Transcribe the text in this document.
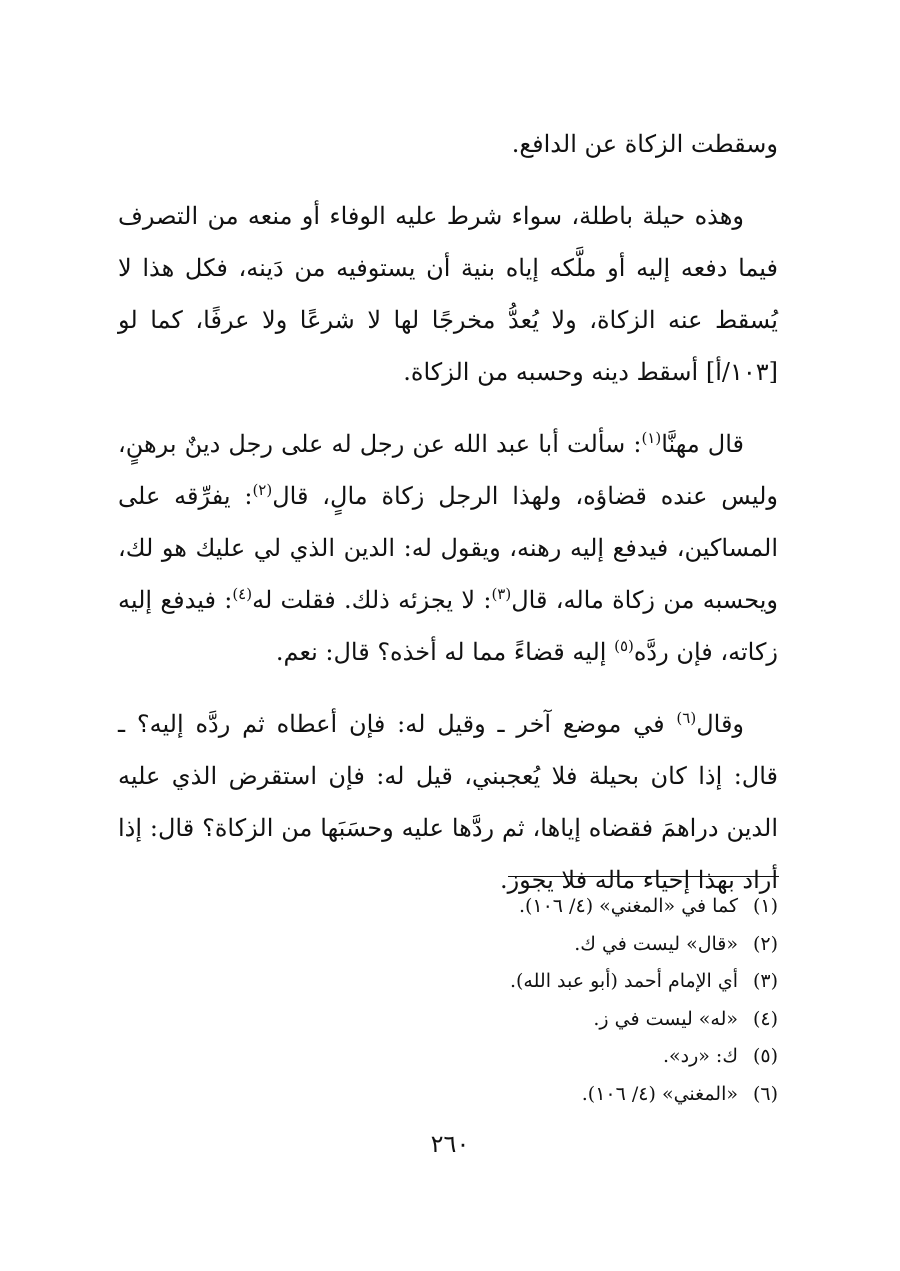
وسقطت الزكاة عن الدافع.

وهذه حيلة باطلة، سواء شرط عليه الوفاء أو منعه من التصرف فيما دفعه إليه أو ملَّكه إياه بنية أن يستوفيه من دَينه، فكل هذا لا يُسقط عنه الزكاة، ولا يُعدُّ مخرجًا لها لا شرعًا ولا عرفًا، كما لو [١٠٣/أ] أسقط دينه وحسبه من الزكاة.

قال مهنَّا$^{(١)}$: سألت أبا عبد الله عن رجل له على رجل دينٌ برهنٍ، وليس عنده قضاؤه، ولهذا الرجل زكاة مالٍ، قال$^{(٢)}$: يفرِّقه على المساكين، فيدفع إليه رهنه، ويقول له: الدين الذي لي عليك هو لك، ويحسبه من زكاة ماله، قال$^{(٣)}$: لا يجزئه ذلك. فقلت له$^{(٤)}$: فيدفع إليه زكاته، فإن ردَّه$^{(٥)}$ إليه قضاءً مما له أخذه؟ قال: نعم.

وقال$^{(٦)}$ في موضع آخر ـ وقيل له: فإن أعطاه ثم ردَّه إليه؟ ـ قال: إذا كان بحيلة فلا يُعجبني، قيل له: فإن استقرض الذي عليه الدين دراهمَ فقضاه إياها، ثم ردَّها عليه وحسَبَها من الزكاة؟ قال: إذا أراد بهذا إحياء ماله فلا يجوز.

(١)
كما في «المغني» (٤/ ١٠٦).
(٢)
«قال» ليست في ك.
(٣)
أي الإمام أحمد (أبو عبد الله).
(٤)
«له» ليست في ز.
(٥)
ك: «رد».
(٦)
«المغني» (٤/ ١٠٦).
٢٦٠
